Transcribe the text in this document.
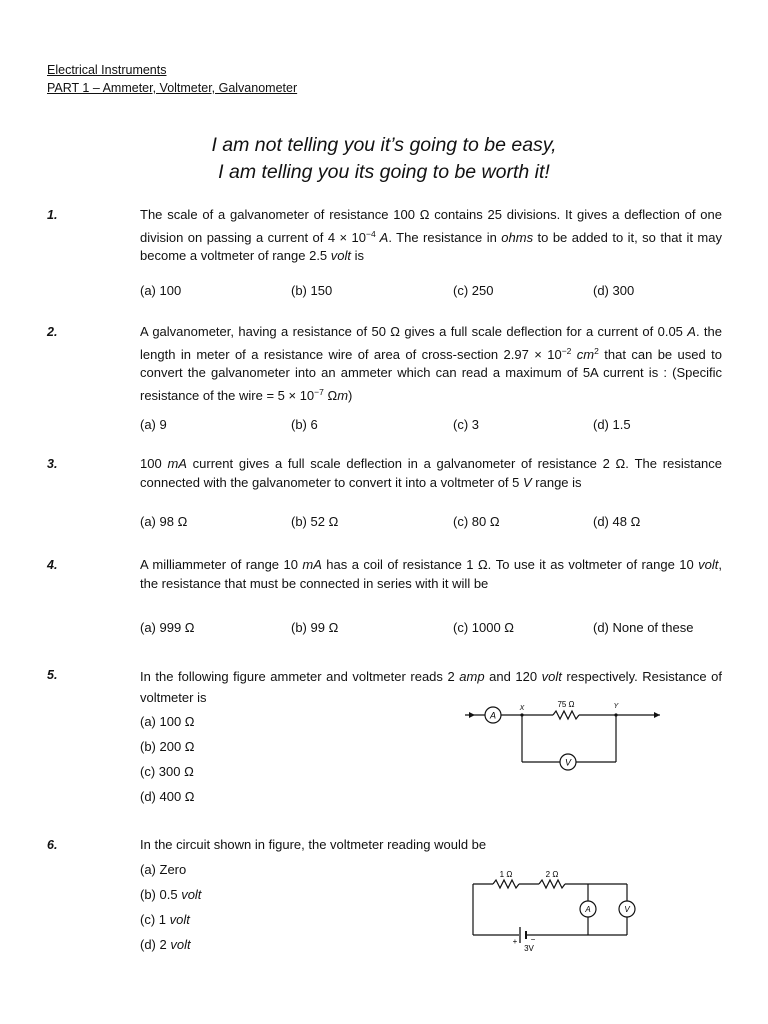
Electrical Instruments
PART 1 – Ammeter, Voltmeter, Galvanometer
I am not telling you it’s going to be easy,
I am telling you its going to be worth it!
1.	The scale of a galvanometer of resistance 100 Ω contains 25 divisions. It gives a deflection of one division on passing a current of $4 \times 10^{-4}$ A. The resistance in ohms to be added to it, so that it may become a voltmeter of range 2.5 volt is
(a) 100	(b) 150	(c) 250	(d) 300
2.	A galvanometer, having a resistance of 50 Ω gives a full scale deflection for a current of 0.05 A. the length in meter of a resistance wire of area of cross-section $2.97 \times 10^{-2}$ $cm^2$ that can be used to convert the galvanometer into an ammeter which can read a maximum of 5A current is : (Specific resistance of the wire = $5 \times 10^{-7}$ Ωm)
(a) 9	(b) 6	(c) 3	(d) 1.5
3.	100 mA current gives a full scale deflection in a galvanometer of resistance 2 Ω. The resistance connected with the galvanometer to convert it into a voltmeter of 5 V range is
(a) 98 Ω	(b) 52 Ω	(c) 80 Ω	(d) 48 Ω
4.	A milliammeter of range 10 mA has a coil of resistance 1 Ω. To use it as voltmeter of range 10 volt, the resistance that must be connected in series with it will be
(a) 999 Ω	(b) 99 Ω	(c) 1000 Ω	(d) None of these
5.	In the following figure ammeter and voltmeter reads 2 amp and 120 volt respectively. Resistance of voltmeter is
(a) 100 Ω
(b) 200 Ω
(c) 300 Ω
(d) 400 Ω
A
V
75 Ω
X	Y
6.	In the circuit shown in figure, the voltmeter reading would be
(a) Zero
(b) 0.5 volt
(c) 1 volt
(d) 2 volt
1 Ω	2 Ω
A	V
+ −
3V
